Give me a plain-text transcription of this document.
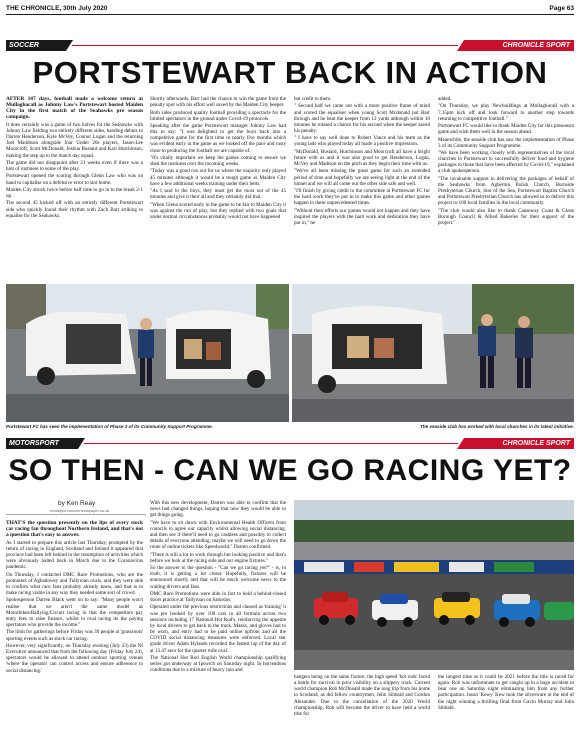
THE CHRONICLE, 30th July 2020	Page 63
SOCCER	CHRONICLE SPORT
PORTSTEWART BACK IN ACTION

AFTER 147 days, football made a welcome return at Mullaghacall as Johnny Law's Portstewart hosted Maiden City in the first match of the Seahawks pre season campaign.

It does certainly was a game of two halves for the Seahawks with Johnny Law fielding two entirely different sides, handing debuts to Darren Henderson, Kyle McVey, Connor Logan and the returning Joel Maddison alongside four Under 20s players, Jason-Lee Moorcroft, Scott McDonald, Joshua Bustard and Karl Hutchinson, making the step up to the match day squad.

The game did not disappoint after 21 weeks even if there was a hint of rustiness to some of the play.

Portstewart opened the scoring through Glenn Law who was on hand to capitalise on a defensive error to slot home.

Maiden City struck twice before half time to go in to the break 2-1 up.

The second 45 kicked off with an entirely different Portstewart side who quickly found their rhythm with Zach Barr striking to equalise for the Seahawks.

Shortly afterwards, Barr had the chance to win the game from the penalty spot with his effort well saved by the Maiden City keeper.

Both sides produced quality football providing a spectacle for the limited spectators in the ground under Covid-19 protocols.

Speaking after the game Portstewart manager Johnny Law had this to say: "I was delighted to get the boys back into a competitive game for the first time in nearly five months which was evident early in the game as we looked off the pace and rusty close to producing the football we are capable of.

"It's vitally important we keep the games coming to ensure we shed the rustiness over the incoming weeks.

"Today was a good run out for us where the majority only played 45 minutes although it would be a tough game as Maiden City have a few additional weeks training under their belts.

"As I said to the boys, they must get the most out of the 45 minutes and give it their all and they certainly did that.

"When Glenn scored early in the game to be fair to Maiden City it was against the run of play, but they replied with two goals that under normal circumstances probably would not have happened

but credit to them.

" Second half we came out with a more positive frame of mind and scored the equaliser when young Scott Mcdonald put Barr through and he beat the keeper from 12 yards although within 10 minutes he missed a chance for his second when the keeper saved his penalty.

" I have to say well done to Robert Vance and his team as the young lads who played today all made a positive impression.

"McDonald, Bustard, Hutchinson and Moorcroft all have a bright future with us and it was also good to get Henderson, Logan, McVey and Madison on the pitch as they begin their time with us.

"We've all been missing the great game for such an extended period of time and hopefully we are seeing light at the end of the tunnel and we will all come out the other side safe and well.

"I'll finish by giving credit to the committee at Portstewart FC for the hard work they've put in to make this game and other games happen in these unprecedented times.

"Without their efforts our games would not happen and they have inspired the players with the hard work and dedication they have put in," he

added.

"On Thursday, we play Newbuildings at Mullaghacall with a 7.15pm kick off and look forward to another step towards returning to competitive football."

Portstewart FC would like to thank Maiden City for this preseason game and wish them well in the season ahead.

Meanwhile, the seaside club has saw the implementation of Phase 3 of its Community Support Programme.

"We have been working closely with representatives of the local churches in Portstewart to successfully deliver food and hygiene packages to those that have been affected by Covid-19," explained a club spokesperson.

"The invaluable support in delivering the packages of behalf of the Seahawks from Agherton Parish Church, Burnside Presbyterian Church, Star of the Sea, Portstewart Baptist Church and Portstewart Presbyterian Church has allowed us to deliver this project to 100 local families in the local community.

"The club would also like to thank Causeway Coast & Glens Borough Council & Allied Bakeries for their support of the project."

Portstewart FC has seen the implementation of Phase 3 of its Community Support Programme.	The seaside club has worked with local churches in its latest initiative.
MOTORSPORT	CHRONICLE SPORT
SO THEN - CAN WE GO RACING YET?
by Ken Reay
news@chroniclenewspaper.co.uk

THAT'S the question presently on the lips of every stock car racing fan throughout Northern Ireland, and that's not a question that's easy to answer.

As I started to prepare this article last Thursday, prompted by the return of racing in England, Scotland and Ireland it appeared that province had been left behind in the resumption of activities which were obviously halted back in March due to the Coronavirus pandemic.

On Thursday, I contacted DMC Race Promotions, who are the promoters of Aghadowey and Tullyroan ovals, and they were able to confirm what race fans probably already knew, and that is to make racing viable in any way they needed some sort of crowd.

Spokesperson Darren Black went on to say: "Many people won't realise that we aren't the same model as Motorbikes/Rallying/Circuit racing in that the competitors pay entry fees to raise finance, whilst in oval racing its the paying spectators who provide the income."

The limit for gatherings before Friday was 30 people at 'grassroots' sporting events such as stock car racing.

However, very significantly, on Thursday evening (July 23) the NI Executive announced that from the following day (Friday July 24), spectators would be allowed to attend outdoor sporting venues 'where the operator can control access and ensure adherence to social distancing.'

With this new development, Darren was able to confirm that the news had changed things, hoping that now they would be able to get things going.

"We have to sit down with Environmental Health Officers from councils to agree our capacity whilst allowing social distancing, and then see if there'll need to go cashless and possibly to collect details of everyone attending, maybe we will need to go down the route of online tickets like Speedworld," Darren confirmed.

"There is still a lot to work through but looking positive and that's before we look at the racing side and our engine fixtures."

So the answer to the question - "Can we go racing yet?" - is, in truth, it is getting a lot closer. Hopefully, fixtures will be announced shortly and that will be much welcome news to the waiting drivers and fans.

DMC Race Promotions were able in fact to hold a behind-closed doors practice at Tullyroan on Saturday.

Operated under the previous restrictions and classed as 'training' it was pre booked by over 100 cars in all formula across two sessions including 17 National Hot Rod's, reinforcing the appetite by local drivers to get back to the track. Masks, and gloves had to be worn, and entry had to be paid online upfront and all the COVID social distancing measures were enforced. Local star grade driver Adam Hylands recorded the fastest lap of the day of at 13.47 secs for the quarter mile oval.

The National Hot Rod English World championship qualifying series got underway at Ipswich on Saturday night. In horrendous conditions due to a mixture of heavy rain and

hangers being on the same fixture, the high speed 'hot rods' faced a battle for survival in poor visibility on a slippery track. Current world champion Rob McDonald made the long trip from his home in Scotland, as did fellow countrymen, John Sibbald and Gordon Alexander. Due to the cancellation of the 2020 World championship, Rob will become the driver to have held a world title for

the longest time as it could be 2021 before the title is raced for again. Rob was unfortunate to get caught up in a huge accident to bear one on Saturday night eliminating him from any further participation. Jason 'Kewy' Kew took the silverware at the end of the night winning a thrilling final from Gavin Murray and John Sibbald.
